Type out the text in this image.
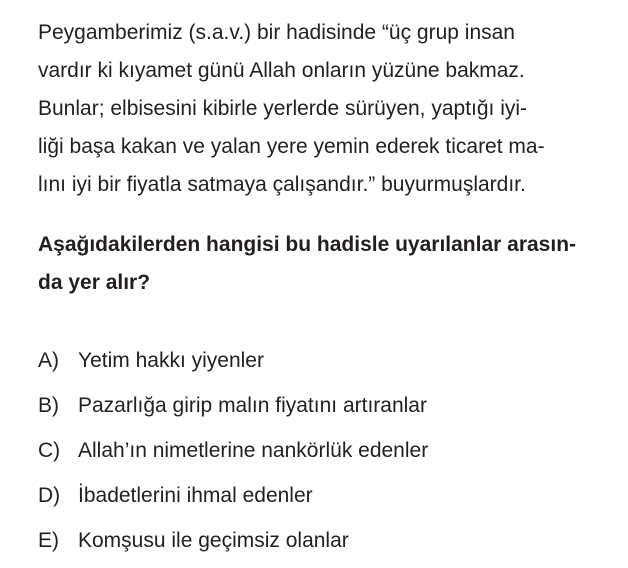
Peygamberimiz (s.a.v.) bir hadisinde “üç grup insan
vardır ki kıyamet günü Allah onların yüzüne bakmaz.
Bunlar; elbisesini kibirle yerlerde sürüyen, yaptığı iyi-
liği başa kakan ve yalan yere yemin ederek ticaret ma-
lını iyi bir fiyatla satmaya çalışandır.” buyurmuşlardır.
Aşağıdakilerden hangisi bu hadisle uyarılanlar arasın-
da yer alır?
A) Yetim hakkı yiyenler
B) Pazarlığa girip malın fiyatını artıranlar
C) Allah’ın nimetlerine nankörlük edenler
D) İbadetlerini ihmal edenler
E) Komşusu ile geçimsiz olanlar
